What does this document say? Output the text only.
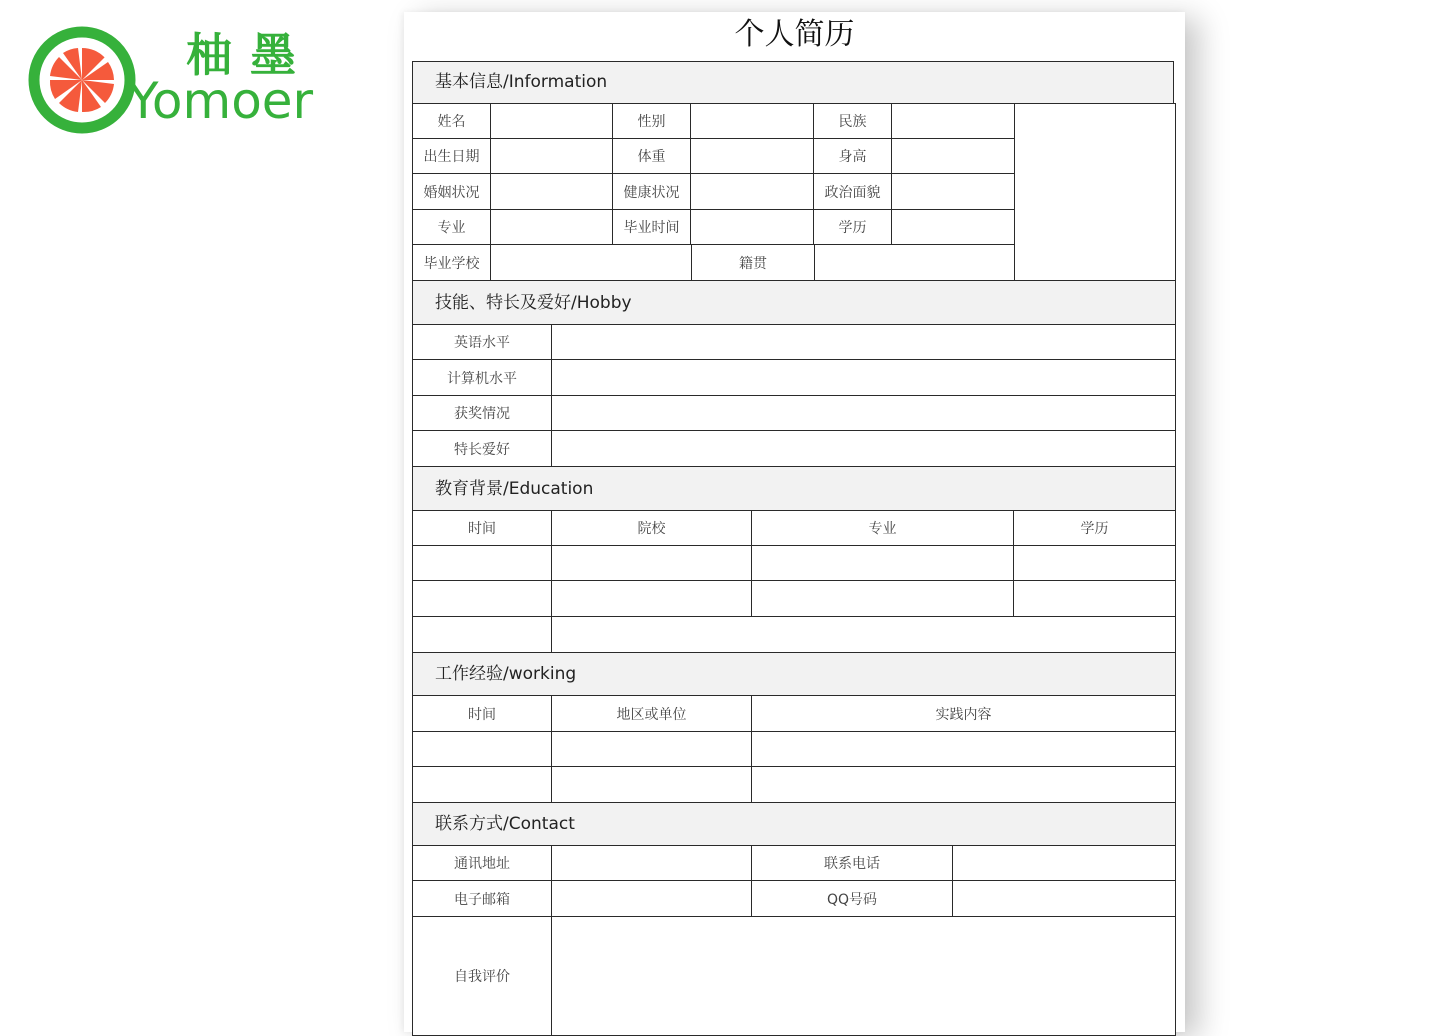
柚墨
Yomoer
个人简历
基本信息/Information
姓名	性别	民族
出生日期	体重	身高
婚姻状况	健康状况	政治面貌
专业	毕业时间	学历
毕业学校	籍贯
技能、特长及爱好/Hobby
英语水平
计算机水平
获奖情况
特长爱好
教育背景/Education
时间	院校	专业	学历
工作经验/working
时间	地区或单位	实践内容
联系方式/Contact
通讯地址	联系电话
电子邮箱	QQ号码
自我评价
